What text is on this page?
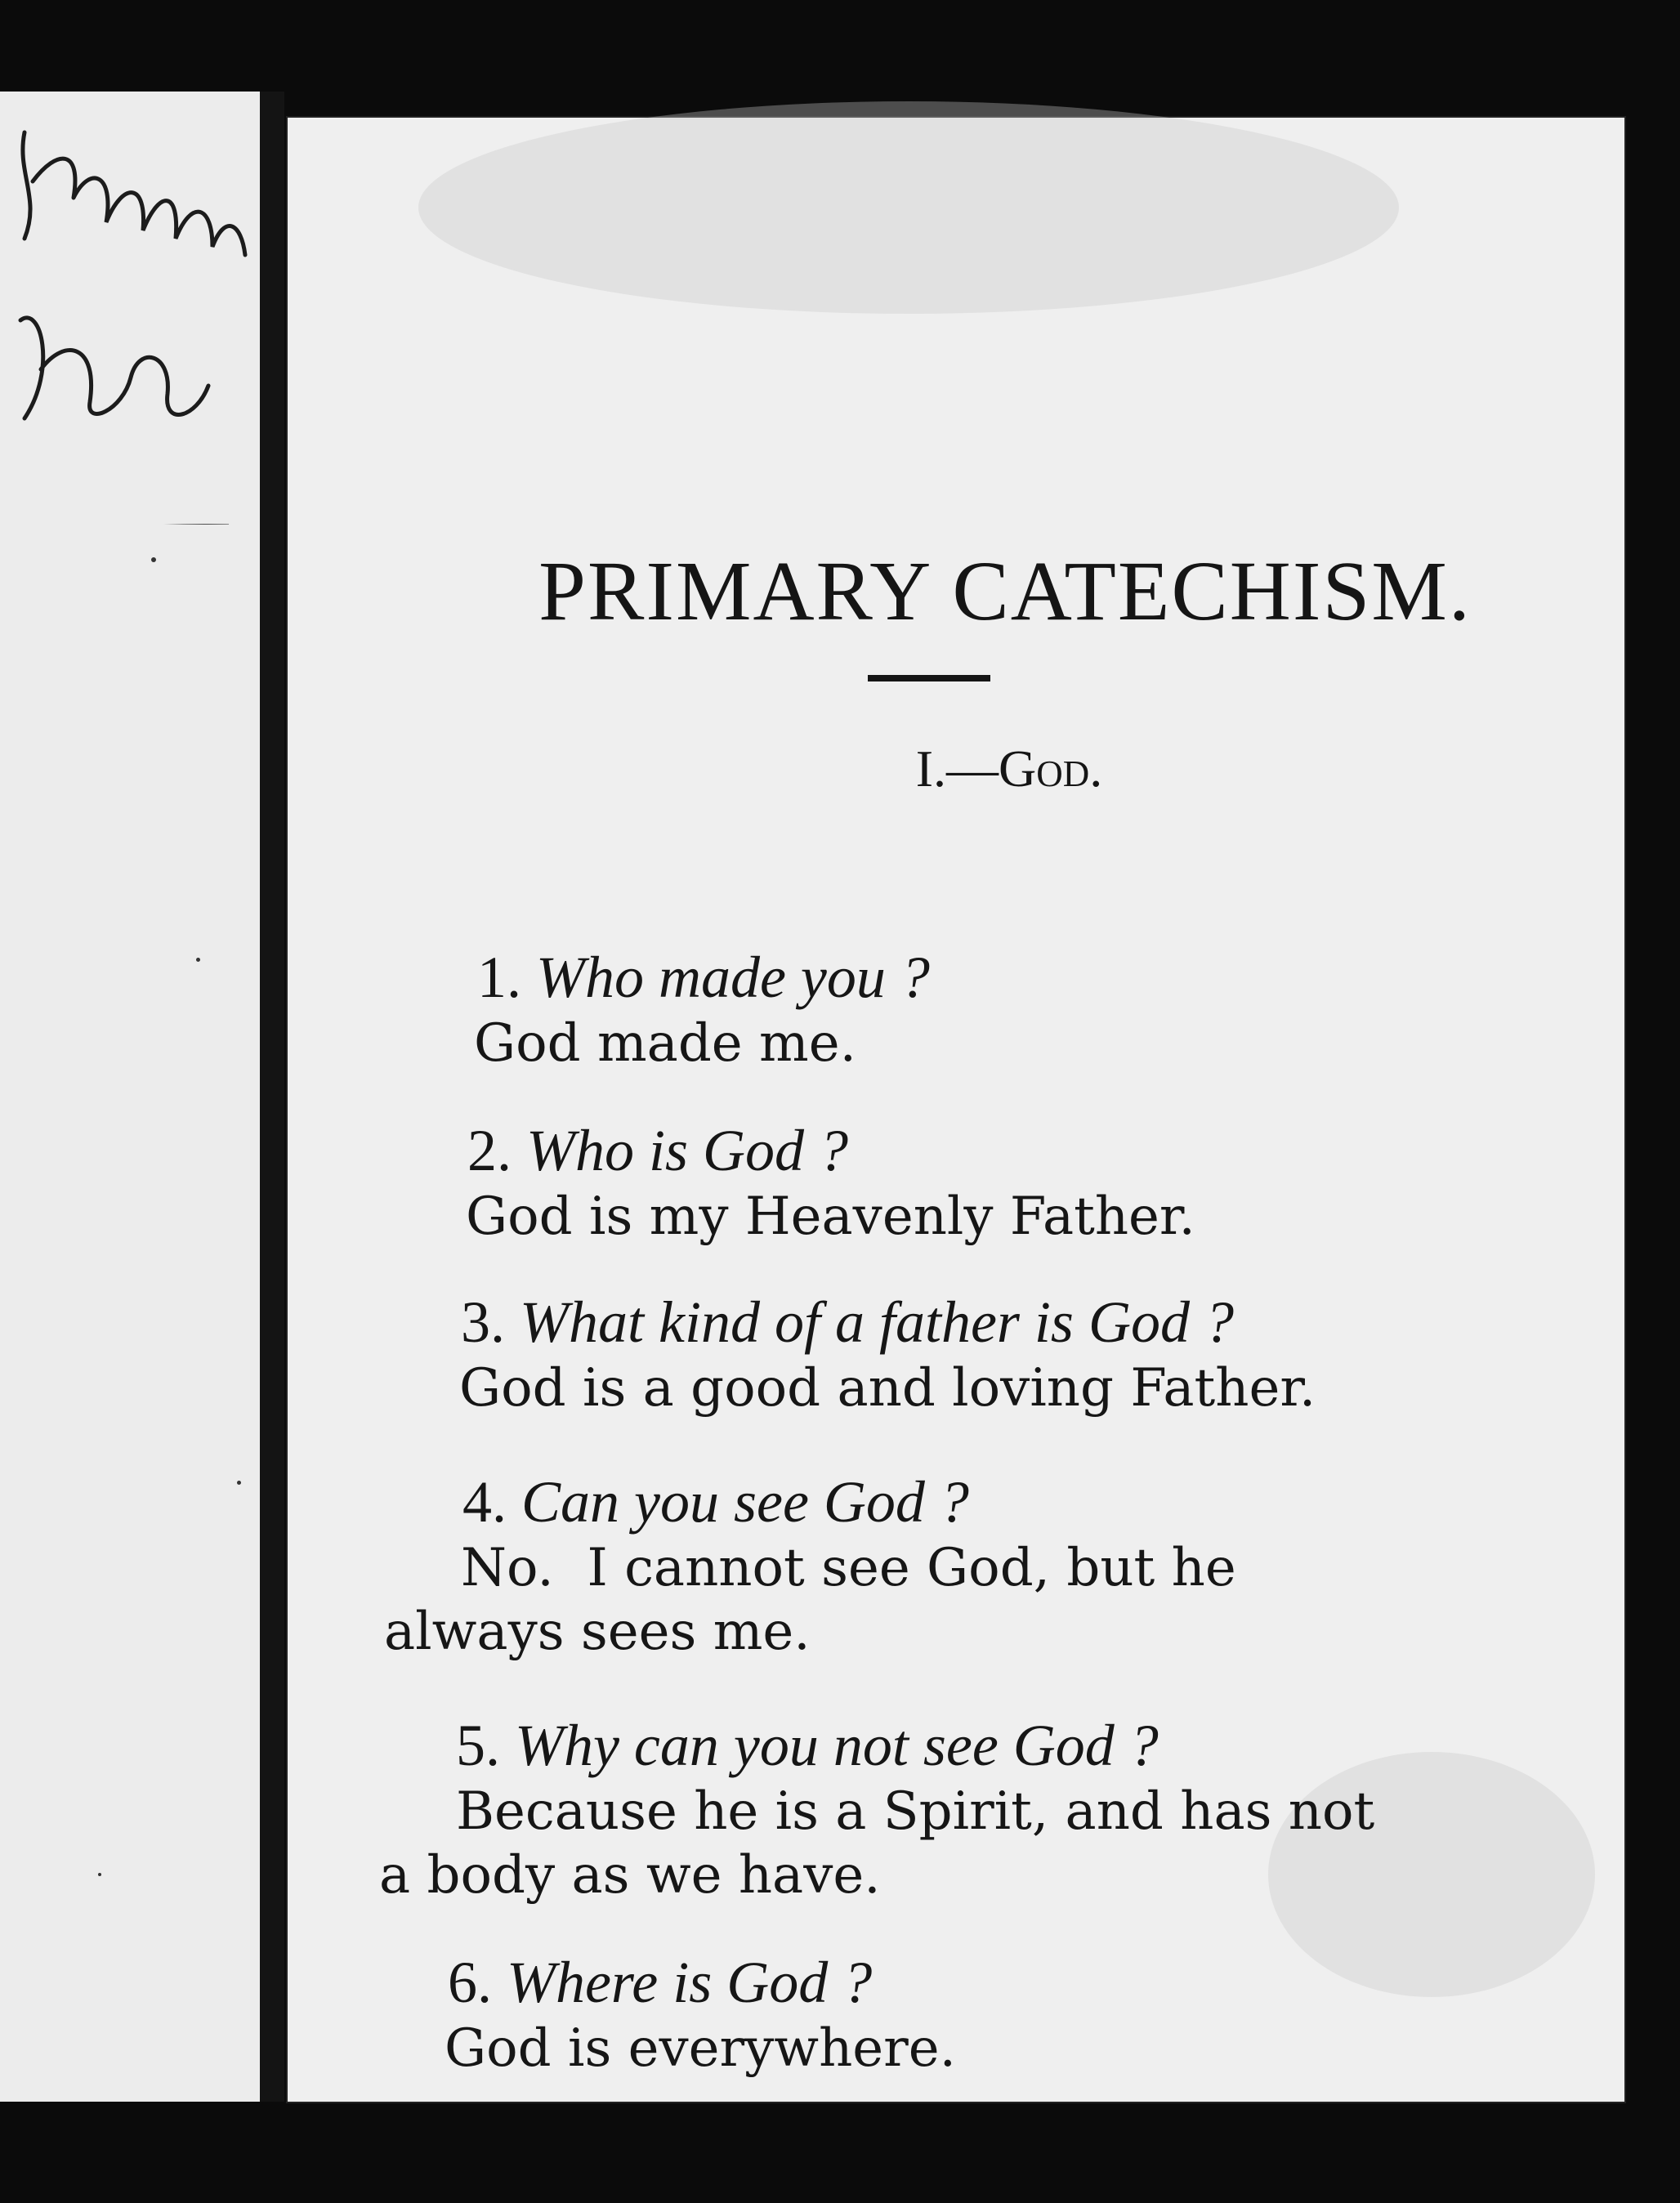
PRIMARY CATECHISM.
I.—God.
1. Who made you ?
God made me.
2. Who is God ?
God is my Heavenly Father.
3. What kind of a father is God ?
God is a good and loving Father.
4. Can you see God ?
No.  I cannot see God, but he
always sees me.
5. Why can you not see God ?
Because he is a Spirit, and has not
a body as we have.
6. Where is God ?
God is everywhere.
